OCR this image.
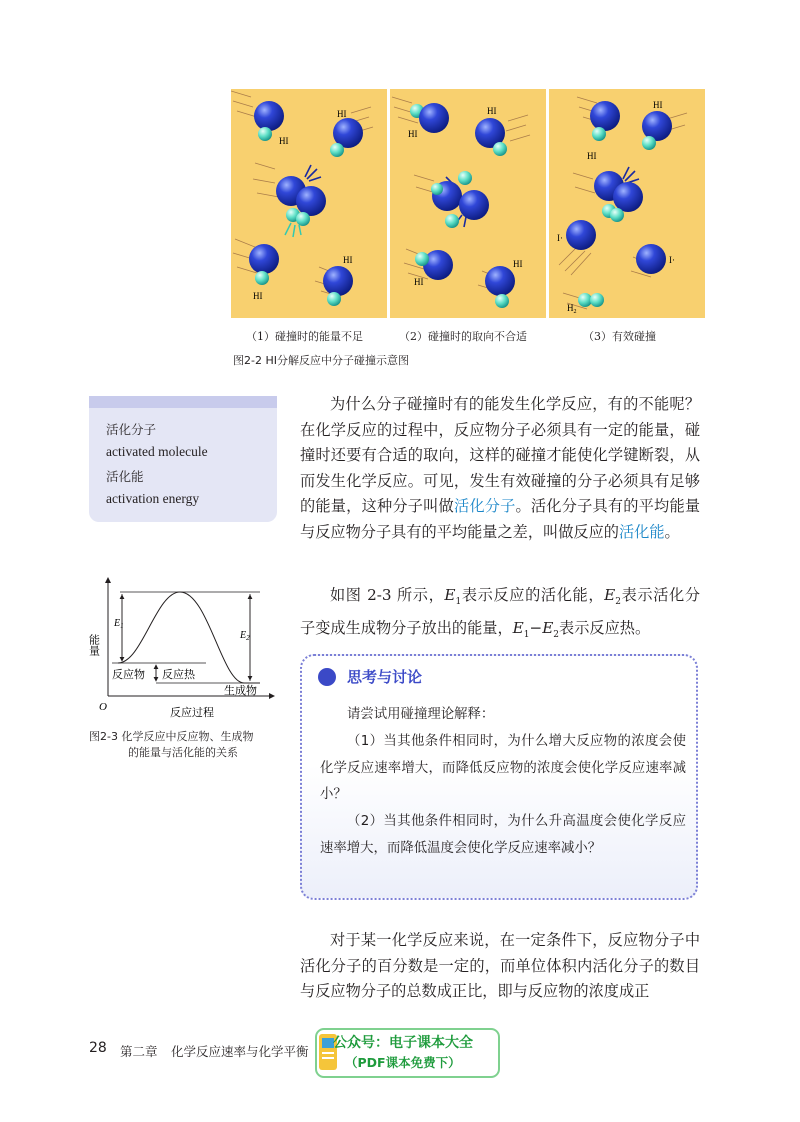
HI
HI
HI
HI
HI
HI
HI
HI
HI
HI
I·
I·
$H_2$
（1）碰撞时的能量不足	（2）碰撞时的取向不合适	（3）有效碰撞
图2-2 HI分解反应中分子碰撞示意图
活化分子
activated molecule
活化能
activation energy
为什么分子碰撞时有的能发生化学反应，有的不能呢？在化学反应的过程中，反应物分子必须具有一定的能量，碰撞时还要有合适的取向，这样的碰撞才能使化学键断裂，从而发生化学反应。可见，发生有效碰撞的分子必须具有足够的能量，这种分子叫做活化分子。活化分子具有的平均能量与反应物分子具有的平均能量之差，叫做反应的活化能。
如图 2-3 所示，$E_1$表示反应的活化能，$E_2$表示活化分子变成生成物分子放出的能量，$E_1-E_2$表示反应热。
O
能量
反应过程
$E_1$
$E_2$
反应物 反应热
生成物
图2-3 化学反应中反应物、生成物
的能量与活化能的关系
思考与讨论
请尝试用碰撞理论解释：
（1）当其他条件相同时，为什么增大反应物的浓度会使化学反应速率增大，而降低反应物的浓度会使化学反应速率减小？
（2）当其他条件相同时，为什么升高温度会使化学反应速率增大，而降低温度会使化学反应速率减小？
对于某一化学反应来说，在一定条件下，反应物分子中活化分子的百分数是一定的，而单位体积内活化分子的数目与反应物分子的总数成正比，即与反应物的浓度成正
28 第二章 化学反应速率与化学平衡
公众号：电子课本大全
（PDF课本免费下）
